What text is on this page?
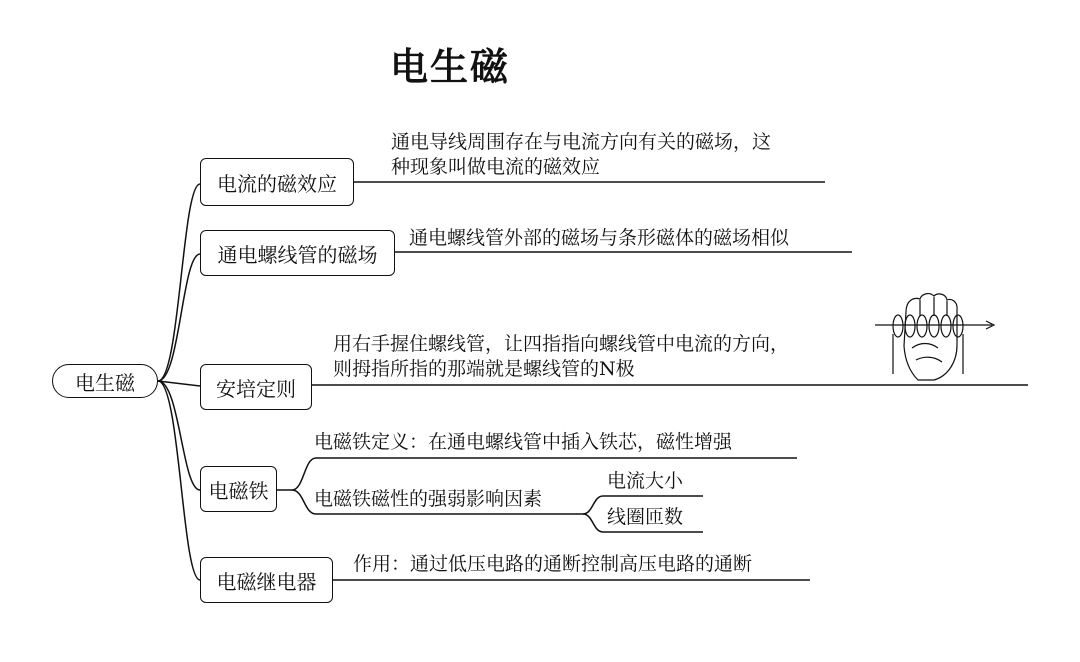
电生磁
电生磁
电流的磁效应
通电导线周围存在与电流方向有关的磁场，这
种现象叫做电流的磁效应
通电螺线管的磁场
通电螺线管外部的磁场与条形磁体的磁场相似
安培定则
用右手握住螺线管，让四指指向螺线管中电流的方向，
则拇指所指的那端就是螺线管的N极
电磁铁
电磁铁定义：在通电螺线管中插入铁芯，磁性增强
电磁铁磁性的强弱影响因素
电流大小
线圈匝数
电磁继电器
作用：通过低压电路的通断控制高压电路的通断
